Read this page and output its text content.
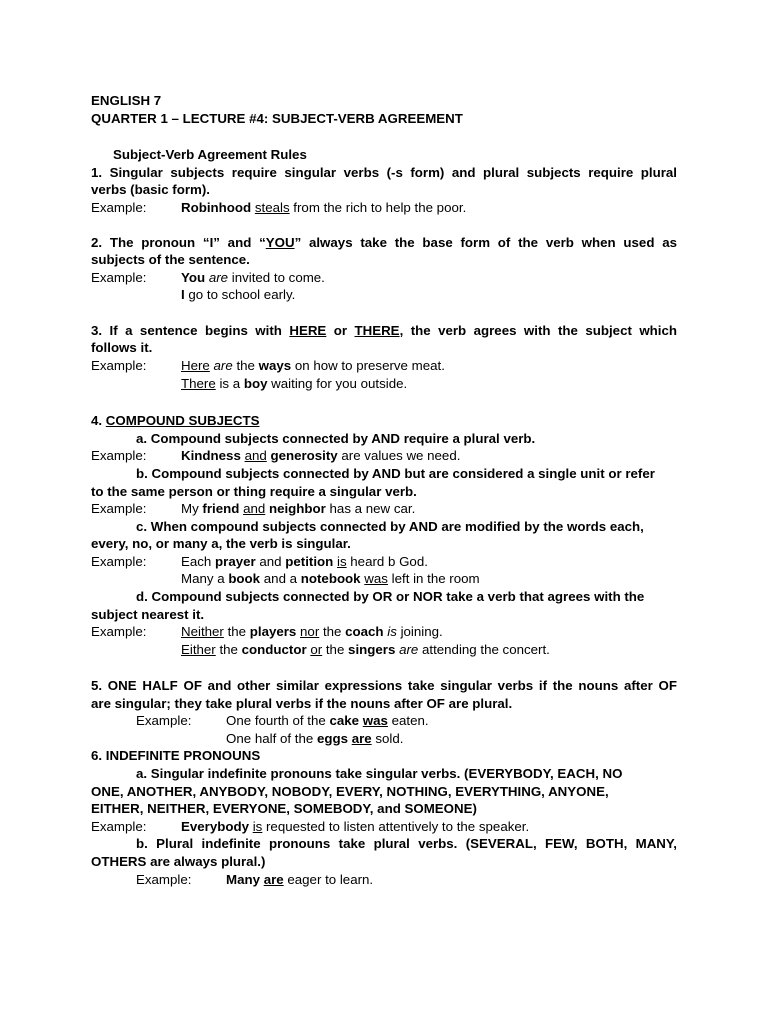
ENGLISH 7
QUARTER 1 – LECTURE #4: SUBJECT-VERB AGREEMENT
Subject-Verb Agreement Rules
1. Singular subjects require singular verbs (-s form) and plural subjects require plural
verbs (basic form).
Example:	Robinhood steals from the rich to help the poor.
2. The pronoun “I” and “YOU” always take the base form of the verb when used as
subjects of the sentence.
Example:	You are invited to come.
I go to school early.
3. If a sentence begins with HERE or THERE, the verb agrees with the subject which
follows it.
Example:	Here are the ways on how to preserve meat.
There is a boy waiting for you outside.
4. COMPOUND SUBJECTS
a. Compound subjects connected by AND require a plural verb.
Example:	Kindness and generosity are values we need.
b. Compound subjects connected by AND but are considered a single unit or refer
to the same person or thing require a singular verb.
Example:	My friend and neighbor has a new car.
c. When compound subjects connected by AND are modified by the words each,
every, no, or many a, the verb is singular.
Example:	Each prayer and petition is heard b God.
Many a book and a notebook was left in the room
d. Compound subjects connected by OR or NOR take a verb that agrees with the
subject nearest it.
Example:	Neither the players nor the coach is joining.
Either the conductor or the singers are attending the concert.
5. ONE HALF OF and other similar expressions take singular verbs if the nouns after OF
are singular; they take plural verbs if the nouns after OF are plural.
Example:	One fourth of the cake was eaten.
One half of the eggs are sold.
6. INDEFINITE PRONOUNS
a. Singular indefinite pronouns take singular verbs. (EVERYBODY, EACH, NO
ONE, ANOTHER, ANYBODY, NOBODY, EVERY, NOTHING, EVERYTHING, ANYONE,
EITHER, NEITHER, EVERYONE, SOMEBODY, and SOMEONE)
Example:	Everybody is requested to listen attentively to the speaker.
b. Plural indefinite pronouns take plural verbs. (SEVERAL, FEW, BOTH, MANY,
OTHERS are always plural.)
Example:	Many are eager to learn.
